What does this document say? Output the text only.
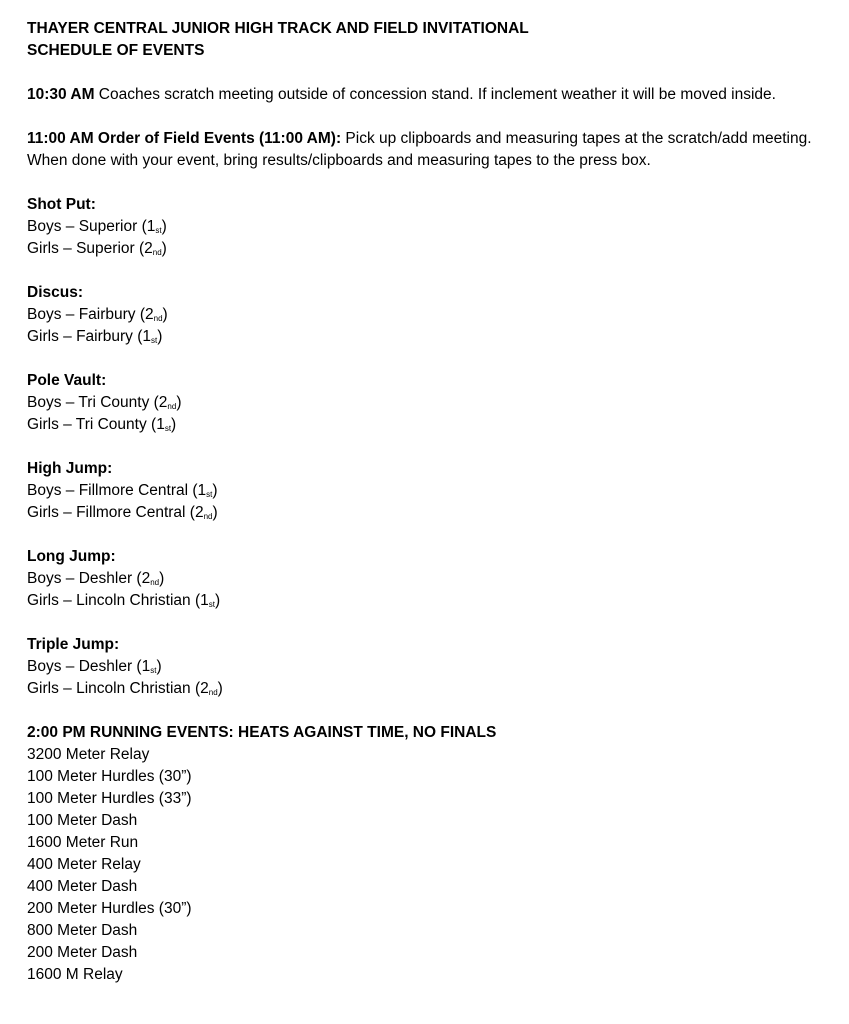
THAYER CENTRAL JUNIOR HIGH TRACK AND FIELD INVITATIONAL
SCHEDULE OF EVENTS
10:30 AM Coaches scratch meeting outside of concession stand. If inclement weather it will be moved inside.
11:00 AM Order of Field Events (11:00 AM): Pick up clipboards and measuring tapes at the scratch/add meeting. When done with your event, bring results/clipboards and measuring tapes to the press box.
Shot Put:
Boys – Superior $(1_{st})$
Girls – Superior $(2_{nd})$
Discus:
Boys – Fairbury $(2_{nd})$
Girls – Fairbury $(1_{st})$
Pole Vault:
Boys – Tri County $(2_{nd})$
Girls – Tri County $(1_{st})$
High Jump:
Boys – Fillmore Central $(1_{st})$
Girls – Fillmore Central $(2_{nd})$
Long Jump:
Boys – Deshler $(2_{nd})$
Girls – Lincoln Christian $(1_{st})$
Triple Jump:
Boys – Deshler $(1_{st})$
Girls – Lincoln Christian $(2_{nd})$
2:00 PM RUNNING EVENTS: HEATS AGAINST TIME, NO FINALS
3200 Meter Relay
100 Meter Hurdles (30”)
100 Meter Hurdles (33”)
100 Meter Dash
1600 Meter Run
400 Meter Relay
400 Meter Dash
200 Meter Hurdles (30”)
800 Meter Dash
200 Meter Dash
1600 M Relay
